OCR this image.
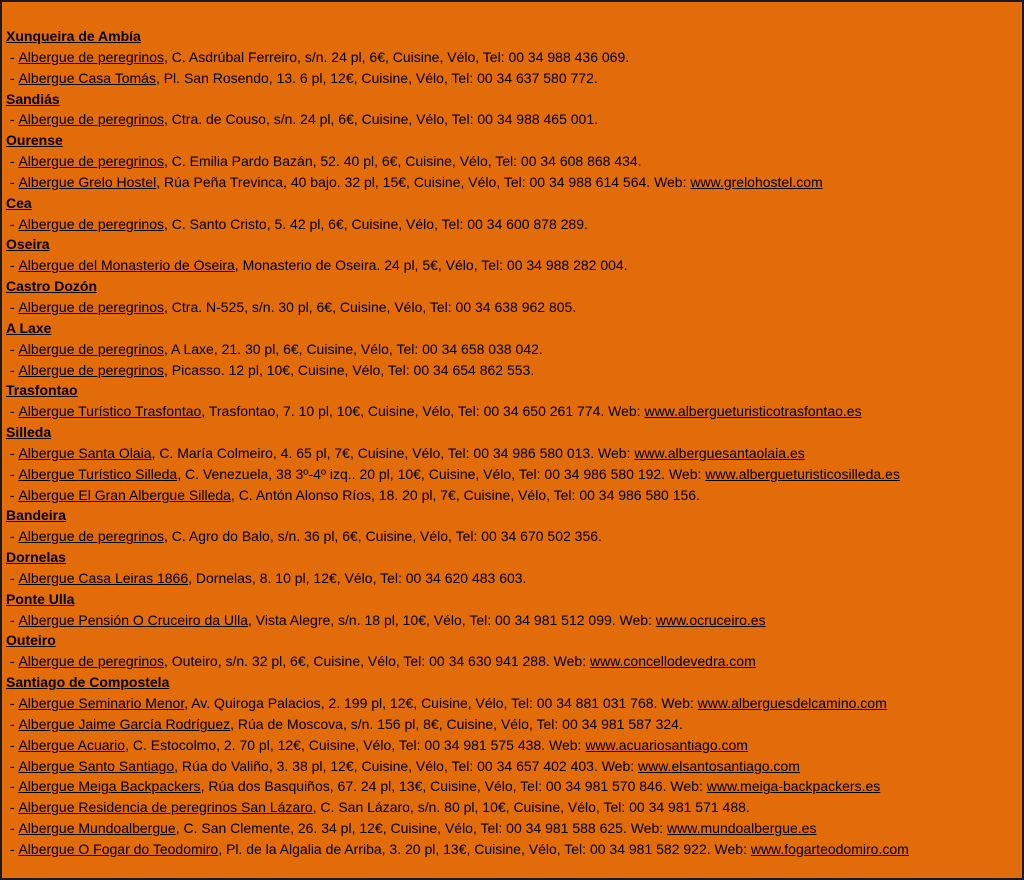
Xunqueira de Ambía
- Albergue de peregrinos, C. Asdrúbal Ferreiro, s/n. 24 pl, 6€, Cuisine, Vélo, Tel: 00 34 988 436 069.
- Albergue Casa Tomás, Pl. San Rosendo, 13. 6 pl, 12€, Cuisine, Vélo, Tel: 00 34 637 580 772.
Sandiás
- Albergue de peregrinos, Ctra. de Couso, s/n. 24 pl, 6€, Cuisine, Vélo, Tel: 00 34 988 465 001.
Ourense
- Albergue de peregrinos, C. Emilia Pardo Bazán, 52. 40 pl, 6€, Cuisine, Vélo, Tel: 00 34 608 868 434.
- Albergue Grelo Hostel, Rúa Peña Trevinca, 40 bajo. 32 pl, 15€, Cuisine, Vélo, Tel: 00 34 988 614 564. Web: www.grelohostel.com
Cea
- Albergue de peregrinos, C. Santo Cristo, 5. 42 pl, 6€, Cuisine, Vélo, Tel: 00 34 600 878 289.
Oseira
- Albergue del Monasterio de Oseira, Monasterio de Oseira. 24 pl, 5€, Vélo, Tel: 00 34 988 282 004.
Castro Dozón
- Albergue de peregrinos, Ctra. N-525, s/n. 30 pl, 6€, Cuisine, Vélo, Tel: 00 34 638 962 805.
A Laxe
- Albergue de peregrinos, A Laxe, 21. 30 pl, 6€, Cuisine, Vélo, Tel: 00 34 658 038 042.
- Albergue de peregrinos, Picasso. 12 pl, 10€, Cuisine, Vélo, Tel: 00 34 654 862 553.
Trasfontao
- Albergue Turístico Trasfontao, Trasfontao, 7. 10 pl, 10€, Cuisine, Vélo, Tel: 00 34 650 261 774. Web: www.albergueturisticotrasfontao.es
Silleda
- Albergue Santa Olaia, C. María Colmeiro, 4. 65 pl, 7€, Cuisine, Vélo, Tel: 00 34 986 580 013. Web: www.alberguesantaolaia.es
- Albergue Turístico Silleda, C. Venezuela, 38 3º-4º izq.. 20 pl, 10€, Cuisine, Vélo, Tel: 00 34 986 580 192. Web: www.albergueturisticosilleda.es
- Albergue El Gran Albergue Silleda, C. Antón Alonso Ríos, 18. 20 pl, 7€, Cuisine, Vélo, Tel: 00 34 986 580 156.
Bandeira
- Albergue de peregrinos, C. Agro do Balo, s/n. 36 pl, 6€, Cuisine, Vélo, Tel: 00 34 670 502 356.
Dornelas
- Albergue Casa Leiras 1866, Dornelas, 8. 10 pl, 12€, Vélo, Tel: 00 34 620 483 603.
Ponte Ulla
- Albergue Pensión O Cruceiro da Ulla, Vista Alegre, s/n. 18 pl, 10€, Vélo, Tel: 00 34 981 512 099. Web: www.ocruceiro.es
Outeiro
- Albergue de peregrinos, Outeiro, s/n. 32 pl, 6€, Cuisine, Vélo, Tel: 00 34 630 941 288. Web: www.concellodevedra.com
Santiago de Compostela
- Albergue Seminario Menor, Av. Quiroga Palacios, 2. 199 pl, 12€, Cuisine, Vélo, Tel: 00 34 881 031 768. Web: www.alberguesdelcamino.com
- Albergue Jaime García Rodríguez, Rúa de Moscova, s/n. 156 pl, 8€, Cuisine, Vélo, Tel: 00 34 981 587 324.
- Albergue Acuario, C. Estocolmo, 2. 70 pl, 12€, Cuisine, Vélo, Tel: 00 34 981 575 438. Web: www.acuariosantiago.com
- Albergue Santo Santiago, Rúa do Valiño, 3. 38 pl, 12€, Cuisine, Vélo, Tel: 00 34 657 402 403. Web: www.elsantosantiago.com
- Albergue Meiga Backpackers, Rúa dos Basquiños, 67. 24 pl, 13€, Cuisine, Vélo, Tel: 00 34 981 570 846. Web: www.meiga-backpackers.es
- Albergue Residencia de peregrinos San Lázaro, C. San Lázaro, s/n. 80 pl, 10€, Cuisine, Vélo, Tel: 00 34 981 571 488.
- Albergue Mundoalbergue, C. San Clemente, 26. 34 pl, 12€, Cuisine, Vélo, Tel: 00 34 981 588 625. Web: www.mundoalbergue.es
- Albergue O Fogar do Teodomiro, Pl. de la Algalia de Arriba, 3. 20 pl, 13€, Cuisine, Vélo, Tel: 00 34 981 582 922. Web: www.fogarteodomiro.com
